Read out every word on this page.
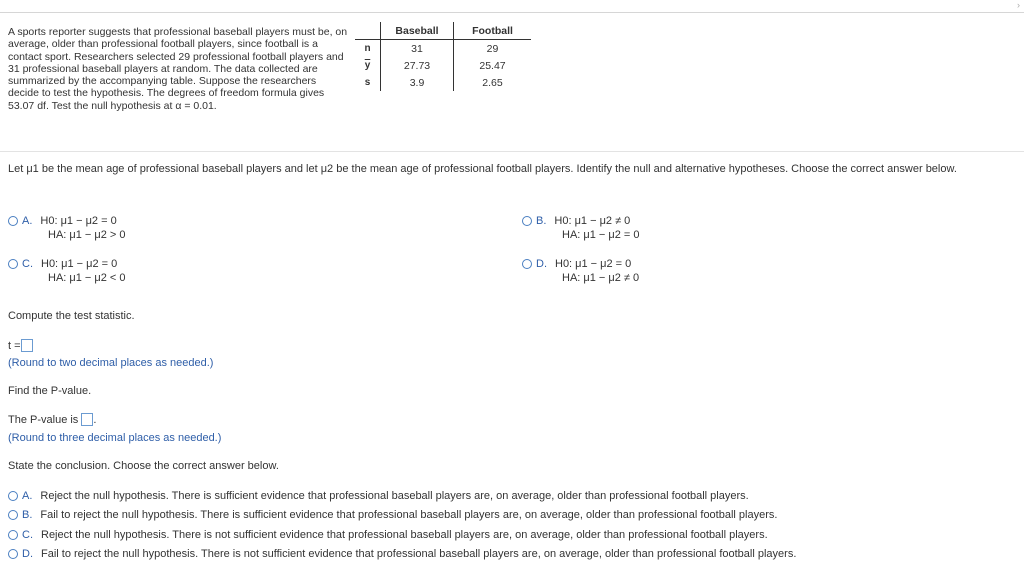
›
A sports reporter suggests that professional baseball players must be, on average, older than professional football players, since football is a contact sport. Researchers selected 29 professional football players and 31 professional baseball players at random. The data collected are summarized by the accompanying table. Suppose the researchers decide to test the hypothesis. The degrees of freedom formula gives 53.07 df. Test the null hypothesis at α = 0.01.
	Baseball	Football
n	31	29
$\overline{y}$	27.73	25.47
s	3.9	2.65
Let μ1 be the mean age of professional baseball players and let μ2 be the mean age of professional football players. Identify the null and alternative hypotheses. Choose the correct answer below.
A. H0: μ1 − μ2 = 0
HA: μ1 − μ2 > 0
B. H0: μ1 − μ2 ≠ 0
HA: μ1 − μ2 = 0
C. H0: μ1 − μ2 = 0
HA: μ1 − μ2 < 0
D. H0: μ1 − μ2 = 0
HA: μ1 − μ2 ≠ 0
Compute the test statistic.
t =
(Round to two decimal places as needed.)
Find the P-value.
The P-value is .
(Round to three decimal places as needed.)
State the conclusion. Choose the correct answer below.
A. Reject the null hypothesis. There is sufficient evidence that professional baseball players are, on average, older than professional football players.
B. Fail to reject the null hypothesis. There is sufficient evidence that professional baseball players are, on average, older than professional football players.
C. Reject the null hypothesis. There is not sufficient evidence that professional baseball players are, on average, older than professional football players.
D. Fail to reject the null hypothesis. There is not sufficient evidence that professional baseball players are, on average, older than professional football players.
